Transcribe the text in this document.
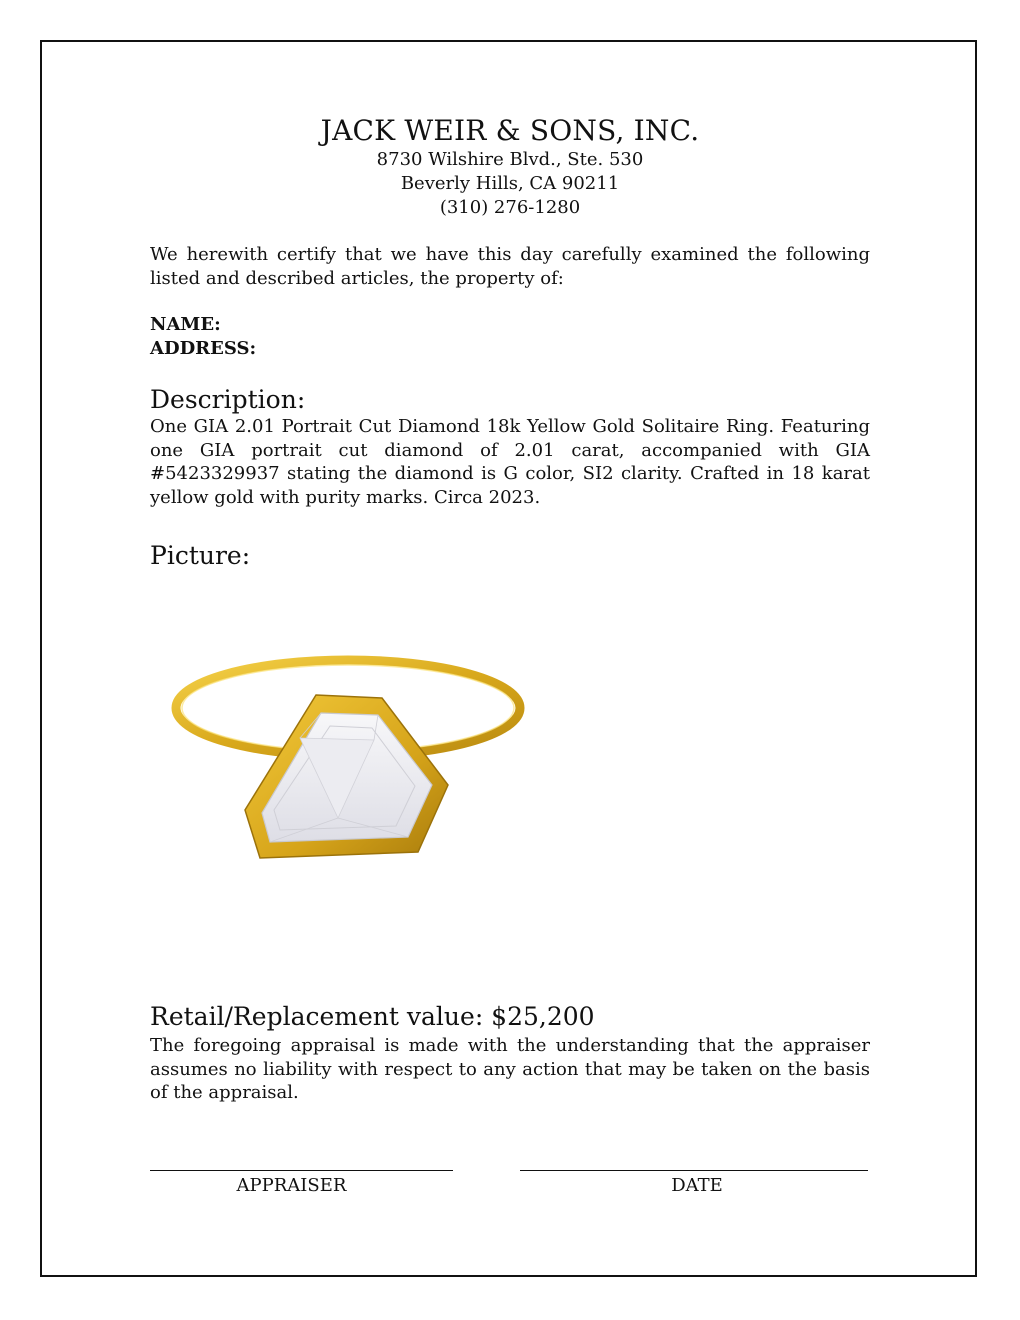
JACK WEIR & SONS, INC.
8730 Wilshire Blvd., Ste. 530
Beverly Hills, CA 90211
(310) 276-1280
We herewith certify that we have this day carefully examined the following listed and described articles, the property of:
NAME:
ADDRESS:
Description:
One GIA 2.01 Portrait Cut Diamond 18k Yellow Gold Solitaire Ring. Featuring one GIA portrait cut diamond of 2.01 carat, accompanied with GIA #5423329937 stating the diamond is G color, SI2 clarity. Crafted in 18 karat yellow gold with purity marks. Circa 2023.
Picture:
Retail/Replacement value: $25,200
The foregoing appraisal is made with the understanding that the appraiser assumes no liability with respect to any action that may be taken on the basis of the appraisal.
APPRAISER	DATE
